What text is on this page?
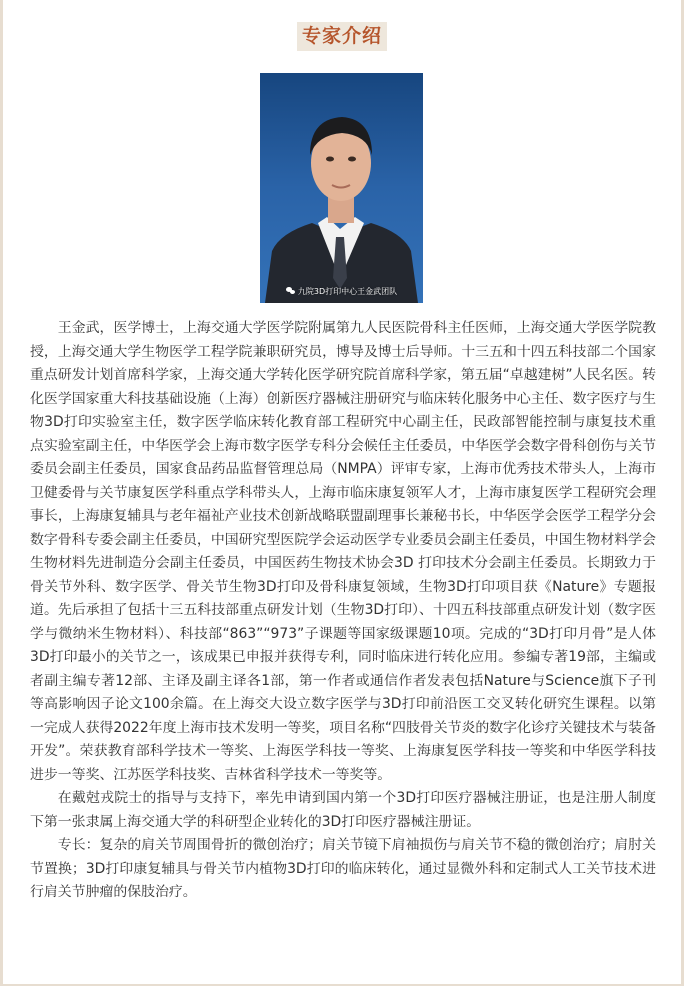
专家介绍
九院3D打印中心王金武团队

王金武，医学博士，上海交通大学医学院附属第九人民医院骨科主任医师，上海交通大学医学院教授，上海交通大学生物医学工程学院兼职研究员，博导及博士后导师。十三五和十四五科技部二个国家重点研发计划首席科学家，上海交通大学转化医学研究院首席科学家，第五届“卓越建树”人民名医。转化医学国家重大科技基础设施（上海）创新医疗器械注册研究与临床转化服务中心主任、数字医疗与生物3D打印实验室主任，数字医学临床转化教育部工程研究中心副主任，民政部智能控制与康复技术重点实验室副主任，中华医学会上海市数字医学专科分会候任主任委员，中华医学会数字骨科创伤与关节委员会副主任委员，国家食品药品监督管理总局（NMPA）评审专家，上海市优秀技术带头人，上海市卫健委骨与关节康复医学科重点学科带头人，上海市临床康复领军人才，上海市康复医学工程研究会理事长，上海康复辅具与老年福祉产业技术创新战略联盟副理事长兼秘书长，中华医学会医学工程学分会数字骨科专委会副主任委员，中国研究型医院学会运动医学专业委员会副主任委员，中国生物材料学会生物材料先进制造分会副主任委员，中国医药生物技术协会3D 打印技术分会副主任委员。长期致力于骨关节外科、数字医学、骨关节生物3D打印及骨科康复领域，生物3D打印项目获《Nature》专题报道。先后承担了包括十三五科技部重点研发计划（生物3D打印）、十四五科技部重点研发计划（数字医学与微纳米生物材料）、科技部“863”“973”子课题等国家级课题10项。完成的“3D打印月骨”是人体3D打印最小的关节之一，该成果已申报并获得专利，同时临床进行转化应用。参编专著19部，主编或者副主编专著12部、主译及副主译各1部，第一作者或通信作者发表包括Nature与Science旗下子刊等高影响因子论文100余篇。在上海交大设立数字医学与3D打印前沿医工交叉转化研究生课程。以第一完成人获得2022年度上海市技术发明一等奖，项目名称“四肢骨关节炎的数字化诊疗关键技术与装备开发”。荣获教育部科学技术一等奖、上海医学科技一等奖、上海康复医学科技一等奖和中华医学科技进步一等奖、江苏医学科技奖、吉林省科学技术一等奖等。

在戴尅戎院士的指导与支持下，率先申请到国内第一个3D打印医疗器械注册证，也是注册人制度下第一张隶属上海交通大学的科研型企业转化的3D打印医疗器械注册证。

专长：复杂的肩关节周围骨折的微创治疗；肩关节镜下肩袖损伤与肩关节不稳的微创治疗；肩肘关节置换；3D打印康复辅具与骨关节内植物3D打印的临床转化，通过显微外科和定制式人工关节技术进行肩关节肿瘤的保肢治疗。
